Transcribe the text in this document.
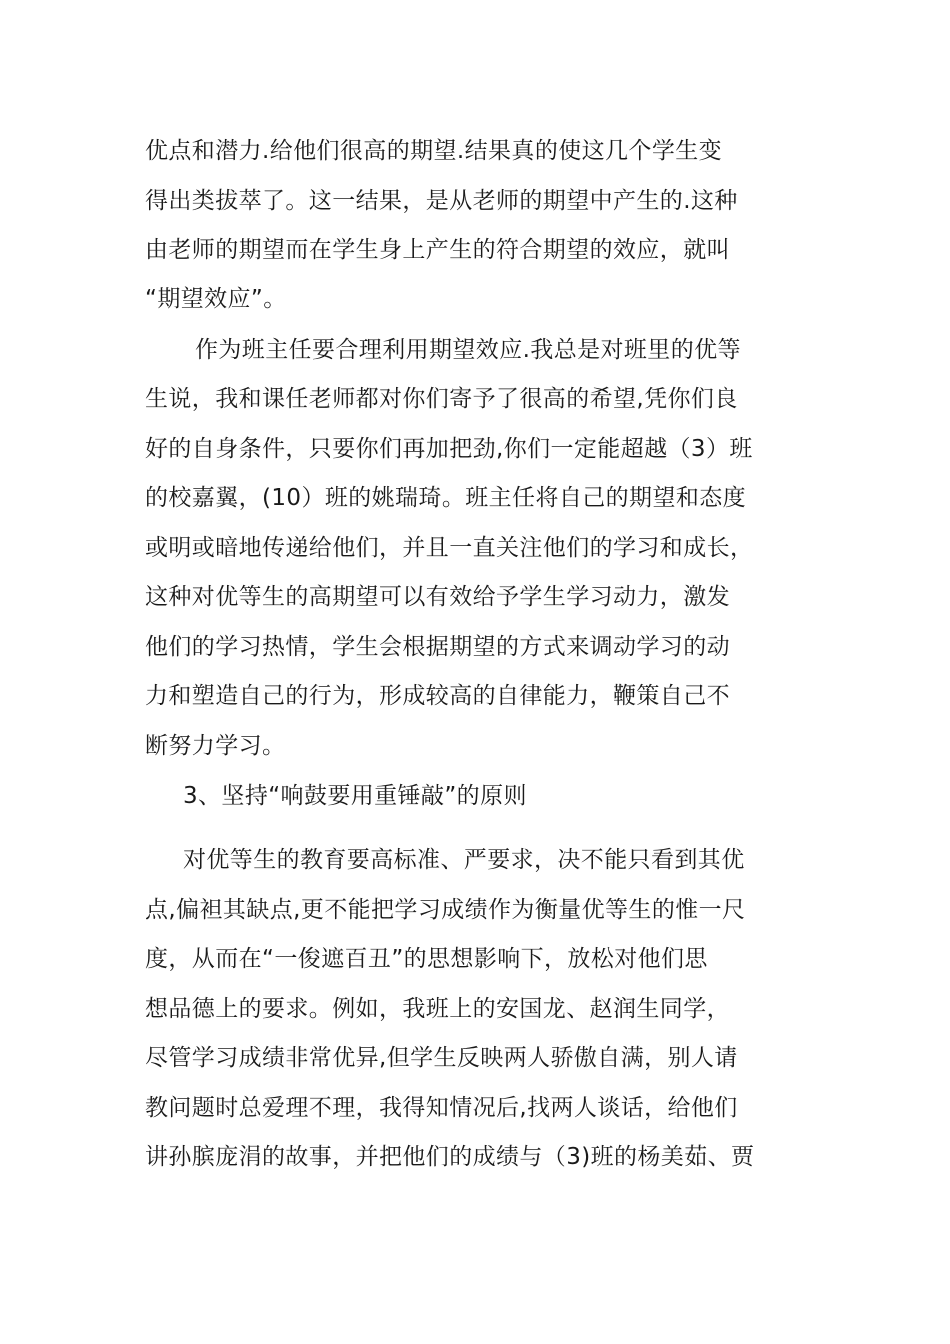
优点和潜力.给他们很高的期望.结果真的使这几个学生变
得出类拔萃了。这一结果，是从老师的期望中产生的.这种
由老师的期望而在学生身上产生的符合期望的效应，就叫
“期望效应”。
作为班主任要合理利用期望效应.我总是对班里的优等
生说，我和课任老师都对你们寄予了很高的希望,凭你们良
好的自身条件，只要你们再加把劲,你们一定能超越（3）班
的校嘉翼，(10）班的姚瑞琦。班主任将自己的期望和态度
或明或暗地传递给他们，并且一直关注他们的学习和成长，
这种对优等生的高期望可以有效给予学生学习动力，激发
他们的学习热情，学生会根据期望的方式来调动学习的动
力和塑造自己的行为，形成较高的自律能力，鞭策自己不
断努力学习。
3、坚持“响鼓要用重锤敲”的原则
对优等生的教育要高标准、严要求，决不能只看到其优
点,偏袒其缺点,更不能把学习成绩作为衡量优等生的惟一尺
度，从而在“一俊遮百丑”的思想影响下，放松对他们思
想品德上的要求。例如，我班上的安国龙、赵润生同学，
尽管学习成绩非常优异,但学生反映两人骄傲自满，别人请
教问题时总爱理不理，我得知情况后,找两人谈话，给他们
讲孙膑庞涓的故事，并把他们的成绩与（3)班的杨美茹、贾
